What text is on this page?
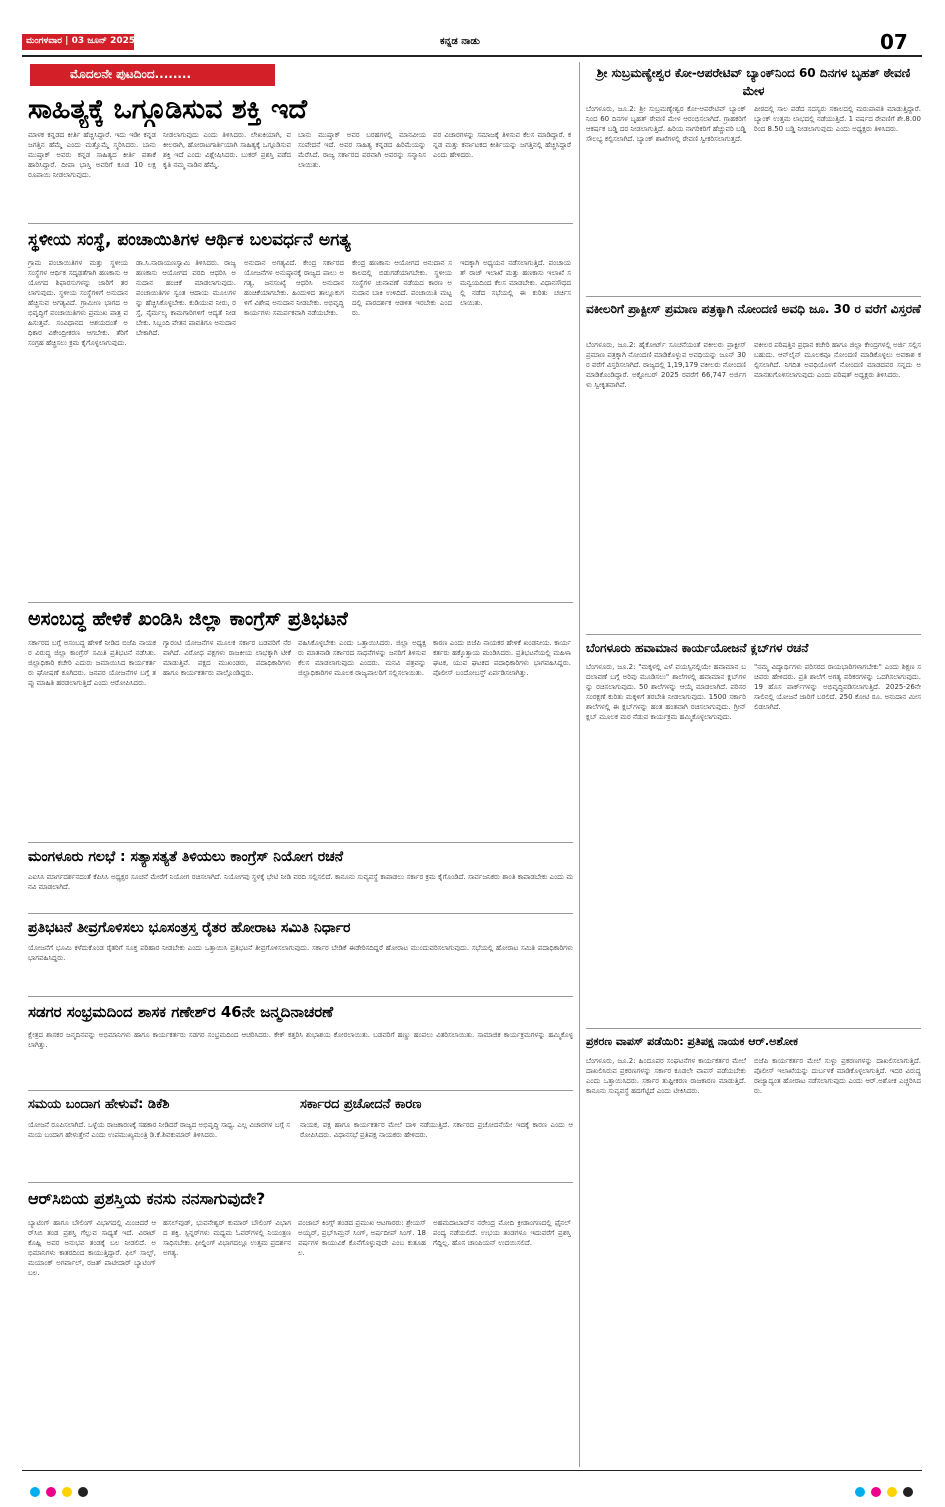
ಮಂಗಳವಾರ | 03 ಜೂನ್ 2025	ಕನ್ನಡ ನಾಡು	07
ಮೊದಲನೇ ಪುಟದಿಂದ........
ಸಾಹಿತ್ಯಕ್ಕೆ ಒಗ್ಗೂಡಿಸುವ ಶಕ್ತಿ ಇದೆ
ಮಾಳಕ ಕನ್ನಡದ ಕೀರ್ತಿ ಹೆಚ್ಚಿಸಿದ್ದಾರೆ. ಇದು ಇಡೀ ಕನ್ನಡ ಜಗತ್ತಿನ ಹೆಮ್ಮೆ ಎಂದು ಮತ್ತೊಮ್ಮೆ ಸ್ಮರಿಸಿದರು. ಬಾನು ಮುಷ್ತಾಕ್ ಅವರು ಕನ್ನಡ ಸಾಹಿತ್ಯದ ಕೀರ್ತಿ ಪತಾಕೆ ಹಾರಿಸಿದ್ದಾರೆ. ದೀಪಾ ಭಾಸ್ತಿ ಅವರಿಗೆ ಕೂಡ 10 ಲಕ್ಷ ರೂಪಾಯಿ ನೀಡಲಾಗುವುದು.
ನೀಡಲಾಗುವುದು ಎಂದು ತಿಳಿಸಿದರು. ಲೇಖಕಿಯಾಗಿ, ವಕೀಲರಾಗಿ, ಹೋರಾಟಗಾರ್ತಿಯಾಗಿ ಸಾಹಿತ್ಯಕ್ಕೆ ಒಗ್ಗೂಡಿಸುವ ಶಕ್ತಿ ಇದೆ ಎಂದು ವಿಶ್ಲೇಷಿಸಿದರು. ಬುಕರ್ ಪ್ರಶಸ್ತಿ ಪಡೆದ ಕೃತಿ ನಮ್ಮ ನಾಡಿನ ಹೆಮ್ಮೆ.
ಬಾನು ಮುಷ್ತಾಕ್ ಅವರ ಬರಹಗಳಲ್ಲಿ ಮಾನವೀಯ ಸಂವೇದನೆ ಇದೆ. ಅವರ ಸಾಹಿತ್ಯ ಕನ್ನಡದ ಹಿರಿಮೆಯನ್ನು ಮೆರೆಸಿದೆ. ರಾಜ್ಯ ಸರ್ಕಾರದ ಪರವಾಗಿ ಅವರನ್ನು ಸನ್ಮಾನಿಸಲಾಯಿತು.
ಪರ ವಿಚಾರಗಳನ್ನು ಸಮಾಜಕ್ಕೆ ತಿಳಿಸುವ ಕೆಲಸ ಮಾಡಿದ್ದಾರೆ. ಕನ್ನಡ ಮತ್ತು ಕರ್ನಾಟಕದ ಕೀರ್ತಿಯನ್ನು ಜಗತ್ತಿನಲ್ಲಿ ಹೆಚ್ಚಿಸಿದ್ದಾರೆ ಎಂದು ಹೇಳಿದರು.
ಸ್ಥಳೀಯ ಸಂಸ್ಥೆ, ಪಂಚಾಯಿತಿಗಳ ಆರ್ಥಿಕ ಬಲವರ್ಧನೆ ಅಗತ್ಯ
ಗ್ರಾಮ ಪಂಚಾಯಿತಿಗಳ ಮತ್ತು ಸ್ಥಳೀಯ ಸಂಸ್ಥೆಗಳ ಆರ್ಥಿಕ ಸದೃಢತೆಗಾಗಿ ಹಣಕಾಸು ಆಯೋಗದ ಶಿಫಾರಸುಗಳನ್ನು ಜಾರಿಗೆ ತರಲಾಗುವುದು. ಸ್ಥಳೀಯ ಸಂಸ್ಥೆಗಳಿಗೆ ಅನುದಾನ ಹೆಚ್ಚಿಸುವ ಅಗತ್ಯವಿದೆ. ಗ್ರಾಮೀಣ ಭಾಗದ ಅಭಿವೃದ್ಧಿಗೆ ಪಂಚಾಯಿತಿಗಳು ಪ್ರಮುಖ ಪಾತ್ರ ವಹಿಸುತ್ತವೆ. ಸಂವಿಧಾನದ ಆಶಯದಂತೆ ಅಧಿಕಾರ ವಿಕೇಂದ್ರೀಕರಣ ಆಗಬೇಕು. ತೆರಿಗೆ ಸಂಗ್ರಹ ಹೆಚ್ಚಿಸಲು ಕ್ರಮ ಕೈಗೊಳ್ಳಲಾಗುವುದು.
ಡಾ.ಸಿ.ನಾರಾಯಣಸ್ವಾಮಿ ತಿಳಿಸಿದರು. ರಾಜ್ಯ ಹಣಕಾಸು ಆಯೋಗದ ವರದಿ ಆಧರಿಸಿ ಅನುದಾನ ಹಂಚಿಕೆ ಮಾಡಲಾಗುವುದು. ಪಂಚಾಯಿತಿಗಳ ಸ್ವಂತ ಆದಾಯ ಮೂಲಗಳನ್ನು ಹೆಚ್ಚಿಸಿಕೊಳ್ಳಬೇಕು. ಕುಡಿಯುವ ನೀರು, ರಸ್ತೆ, ನೈರ್ಮಲ್ಯ ಕಾಮಗಾರಿಗಳಿಗೆ ಆದ್ಯತೆ ನೀಡಬೇಕು. ಸಿಬ್ಬಂದಿ ವೇತನ ಪಾವತಿಗೂ ಅನುದಾನ ಬೇಕಾಗಿದೆ.
ಅನುದಾನ ಅಗತ್ಯವಿದೆ. ಕೇಂದ್ರ ಸರ್ಕಾರದ ಯೋಜನೆಗಳ ಅನುಷ್ಠಾನಕ್ಕೆ ರಾಜ್ಯದ ಪಾಲು ಅಗತ್ಯ. ಜನಸಂಖ್ಯೆ ಆಧರಿಸಿ ಅನುದಾನ ಹಂಚಿಕೆಯಾಗಬೇಕು. ಹಿಂದುಳಿದ ತಾಲ್ಲೂಕುಗಳಿಗೆ ವಿಶೇಷ ಅನುದಾನ ನೀಡಬೇಕು. ಅಭಿವೃದ್ಧಿ ಕಾರ್ಯಗಳು ಸಮರ್ಪಕವಾಗಿ ನಡೆಯಬೇಕು.
ಕೇಂದ್ರ ಹಣಕಾಸು ಆಯೋಗದ ಅನುದಾನ ಸಕಾಲದಲ್ಲಿ ಬಿಡುಗಡೆಯಾಗಬೇಕು. ಸ್ಥಳೀಯ ಸಂಸ್ಥೆಗಳ ಚುನಾವಣೆ ನಡೆಯದ ಕಾರಣ ಅನುದಾನ ಬಾಕಿ ಉಳಿದಿದೆ. ಪಂಚಾಯಿತಿ ಮಟ್ಟದಲ್ಲಿ ಪಾರದರ್ಶಕ ಆಡಳಿತ ಇರಬೇಕು ಎಂದರು.
ಇದಕ್ಕಾಗಿ ಅಧ್ಯಯನ ನಡೆಸಲಾಗುತ್ತಿದೆ. ಪಂಚಾಯತ್ ರಾಜ್ ಇಲಾಖೆ ಮತ್ತು ಹಣಕಾಸು ಇಲಾಖೆ ಸಮನ್ವಯದಿಂದ ಕೆಲಸ ಮಾಡಬೇಕು. ವಿಧಾನಸೌಧದಲ್ಲಿ ನಡೆದ ಸಭೆಯಲ್ಲಿ ಈ ಕುರಿತು ಚರ್ಚಿಸಲಾಯಿತು.
ಅಸಂಬದ್ಧ ಹೇಳಿಕೆ ಖಂಡಿಸಿ ಜಿಲ್ಲಾ ಕಾಂಗ್ರೆಸ್ ಪ್ರತಿಭಟನೆ
ಸರ್ಕಾರದ ಬಗ್ಗೆ ಅಸಂಬದ್ಧ ಹೇಳಿಕೆ ನೀಡಿದ ಬಿಜೆಪಿ ನಾಯಕರ ವಿರುದ್ಧ ಜಿಲ್ಲಾ ಕಾಂಗ್ರೆಸ್ ಸಮಿತಿ ಪ್ರತಿಭಟನೆ ನಡೆಸಿತು. ಜಿಲ್ಲಾಧಿಕಾರಿ ಕಚೇರಿ ಎದುರು ಜಮಾಯಿಸಿದ ಕಾರ್ಯಕರ್ತರು ಘೋಷಣೆ ಕೂಗಿದರು. ಜನಪರ ಯೋಜನೆಗಳ ಬಗ್ಗೆ ತಪ್ಪು ಮಾಹಿತಿ ಹರಡಲಾಗುತ್ತಿದೆ ಎಂದು ಆರೋಪಿಸಿದರು.
ಗ್ಯಾರಂಟಿ ಯೋಜನೆಗಳ ಮೂಲಕ ಸರ್ಕಾರ ಬಡವರಿಗೆ ನೆರವಾಗಿದೆ. ವಿರೋಧ ಪಕ್ಷಗಳು ರಾಜಕೀಯ ಲಾಭಕ್ಕಾಗಿ ಟೀಕೆ ಮಾಡುತ್ತಿವೆ. ಪಕ್ಷದ ಮುಖಂಡರು, ಪದಾಧಿಕಾರಿಗಳು ಹಾಗೂ ಕಾರ್ಯಕರ್ತರು ಪಾಲ್ಗೊಂಡಿದ್ದರು.
ವಹಿಸಿಕೊಳ್ಳಬೇಕು ಎಂದು ಒತ್ತಾಯಿಸಿದರು. ಜಿಲ್ಲಾ ಅಧ್ಯಕ್ಷರು ಮಾತನಾಡಿ ಸರ್ಕಾರದ ಸಾಧನೆಗಳನ್ನು ಜನರಿಗೆ ತಿಳಿಸುವ ಕೆಲಸ ಮಾಡಲಾಗುವುದು ಎಂದರು. ಮನವಿ ಪತ್ರವನ್ನು ಜಿಲ್ಲಾಧಿಕಾರಿಗಳ ಮೂಲಕ ರಾಜ್ಯಪಾಲರಿಗೆ ಸಲ್ಲಿಸಲಾಯಿತು.
ಕಾರಣ ಎಂದು ಬಿಜೆಪಿ ನಾಯಕರ ಹೇಳಿಕೆ ಖಂಡನೀಯ. ಕಾರ್ಯಕರ್ತರು ಹಕ್ಕೊತ್ತಾಯ ಮಂಡಿಸಿದರು. ಪ್ರತಿಭಟನೆಯಲ್ಲಿ ಮಹಿಳಾ ಘಟಕ, ಯುವ ಘಟಕದ ಪದಾಧಿಕಾರಿಗಳು ಭಾಗವಹಿಸಿದ್ದರು. ಪೊಲೀಸ್ ಬಂದೋಬಸ್ತ್ ಏರ್ಪಡಿಸಲಾಗಿತ್ತು.
ಮಂಗಳೂರು ಗಲಭೆ : ಸತ್ಯಾಸತ್ಯತೆ ತಿಳಿಯಲು ಕಾಂಗ್ರೆಸ್ ನಿಯೋಗ ರಚನೆ
ಎಐಸಿಸಿ ಮಾರ್ಗದರ್ಶನದಂತೆ ಕೆಪಿಸಿಸಿ ಅಧ್ಯಕ್ಷರ ಸೂಚನೆ ಮೇರೆಗೆ ನಿಯೋಗ ರಚಿಸಲಾಗಿದೆ. ನಿಯೋಗವು ಸ್ಥಳಕ್ಕೆ ಭೇಟಿ ನೀಡಿ ವರದಿ ಸಲ್ಲಿಸಲಿದೆ. ಕಾನೂನು ಸುವ್ಯವಸ್ಥೆ ಕಾಪಾಡಲು ಸರ್ಕಾರ ಕ್ರಮ ಕೈಗೊಂಡಿದೆ. ಸಾರ್ವಜನಿಕರು ಶಾಂತಿ ಕಾಪಾಡಬೇಕು ಎಂದು ಮನವಿ ಮಾಡಲಾಗಿದೆ.
ಪ್ರತಿಭಟನೆ ತೀವ್ರಗೊಳಿಸಲು ಭೂಸಂತ್ರಸ್ತ ರೈತರ ಹೋರಾಟ ಸಮಿತಿ ನಿರ್ಧಾರ
ಯೋಜನೆಗೆ ಭೂಮಿ ಕಳೆದುಕೊಂಡ ರೈತರಿಗೆ ಸೂಕ್ತ ಪರಿಹಾರ ನೀಡಬೇಕು ಎಂದು ಒತ್ತಾಯಿಸಿ ಪ್ರತಿಭಟನೆ ತೀವ್ರಗೊಳಿಸಲಾಗುವುದು. ಸರ್ಕಾರ ಬೇಡಿಕೆ ಈಡೇರಿಸದಿದ್ದರೆ ಹೋರಾಟ ಮುಂದುವರಿಸಲಾಗುವುದು. ಸಭೆಯಲ್ಲಿ ಹೋರಾಟ ಸಮಿತಿ ಪದಾಧಿಕಾರಿಗಳು ಭಾಗವಹಿಸಿದ್ದರು.
ಸಡಗರ ಸಂಭ್ರಮದಿಂದ ಶಾಸಕ ಗಣೇಶ್‌ರ 46ನೇ ಜನ್ಮದಿನಾಚರಣೆ
ಕ್ಷೇತ್ರದ ಶಾಸಕರ ಜನ್ಮದಿನವನ್ನು ಅಭಿಮಾನಿಗಳು ಹಾಗೂ ಕಾರ್ಯಕರ್ತರು ಸಡಗರ ಸಂಭ್ರಮದಿಂದ ಆಚರಿಸಿದರು. ಕೇಕ್ ಕತ್ತರಿಸಿ ಶುಭಾಶಯ ಕೋರಲಾಯಿತು. ಬಡವರಿಗೆ ಹಣ್ಣು ಹಂಪಲು ವಿತರಿಸಲಾಯಿತು. ಸಾಮಾಜಿಕ ಕಾರ್ಯಕ್ರಮಗಳನ್ನು ಹಮ್ಮಿಕೊಳ್ಳಲಾಗಿತ್ತು.
ಸಮಯ ಬಂದಾಗ ಹೇಳುವೆ: ಡಿಕೆಶಿ	ಸರ್ಕಾರದ ಪ್ರಚೋದನೆ ಕಾರಣ
ಯೋಜನೆ ರೂಪಿಸಲಾಗಿದೆ. ಒಳ್ಳೆಯ ರಾಜಕಾರಣಕ್ಕೆ ಸಹಕಾರ ನೀಡಿದರೆ ರಾಜ್ಯದ ಅಭಿವೃದ್ಧಿ ಸಾಧ್ಯ. ಎಲ್ಲ ವಿಚಾರಗಳ ಬಗ್ಗೆ ಸಮಯ ಬಂದಾಗ ಹೇಳುತ್ತೇನೆ ಎಂದು ಉಪಮುಖ್ಯಮಂತ್ರಿ ಡಿ.ಕೆ.ಶಿವಕುಮಾರ್ ತಿಳಿಸಿದರು.
ನಾಯಕ, ಪಕ್ಷ ಹಾಗೂ ಕಾರ್ಯಕರ್ತರ ಮೇಲೆ ದಾಳಿ ನಡೆಯುತ್ತಿದೆ. ಸರ್ಕಾರದ ಪ್ರಚೋದನೆಯೇ ಇದಕ್ಕೆ ಕಾರಣ ಎಂದು ಆರೋಪಿಸಿದರು. ವಿಧಾನಸಭೆ ಪ್ರತಿಪಕ್ಷ ನಾಯಕರು ಹೇಳಿದರು.
ಆರ್‌ಸಿಬಿಯ ಪ್ರಶಸ್ತಿಯ ಕನಸು ನನಸಾಗುವುದೇ?
ಬ್ಯಾಟಿಂಗ್ ಹಾಗೂ ಬೌಲಿಂಗ್ ವಿಭಾಗದಲ್ಲಿ ಮಿಂಚಿದರೆ ಆರ್‌ಸಿಬಿ ತಂಡ ಪ್ರಶಸ್ತಿ ಗೆಲ್ಲುವ ಸಾಧ್ಯತೆ ಇದೆ. ವಿರಾಟ್ ಕೊಹ್ಲಿ ಅವರ ಅನುಭವ ತಂಡಕ್ಕೆ ಬಲ ನೀಡಲಿದೆ. ಅಭಿಮಾನಿಗಳು ಕಾತರದಿಂದ ಕಾಯುತ್ತಿದ್ದಾರೆ. ಫಿಲ್ ಸಾಲ್ಟ್, ಮಯಾಂಕ್ ಅಗರ್ವಾಲ್, ರಜತ್ ಪಾಟೀದಾರ್ ಬ್ಯಾಟಿಂಗ್ ಬಲ.
ಹಸಲ್‌ವುಡ್, ಭುವನೇಶ್ವರ್ ಕುಮಾರ್ ಬೌಲಿಂಗ್ ವಿಭಾಗದ ಶಕ್ತಿ. ಸ್ಪಿನ್ನರ್‌ಗಳು ಮಧ್ಯಮ ಓವರ್‌ಗಳಲ್ಲಿ ನಿಯಂತ್ರಣ ಸಾಧಿಸಬೇಕು. ಫೀಲ್ಡಿಂಗ್ ವಿಭಾಗದಲ್ಲೂ ಉತ್ತಮ ಪ್ರದರ್ಶನ ಅಗತ್ಯ.
ಪಂಜಾಬ್ ಕಿಂಗ್ಸ್ ತಂಡದ ಪ್ರಮುಖ ಆಟಗಾರರು: ಶ್ರೇಯಸ್ ಅಯ್ಯರ್, ಪ್ರಭ್‌ಸಿಮ್ರನ್ ಸಿಂಗ್, ಅರ್ಷದೀಪ್ ಸಿಂಗ್. 18 ವರ್ಷಗಳ ಕಾಯುವಿಕೆ ಕೊನೆಗೊಳ್ಳುವುದೇ ಎಂಬ ಕುತೂಹಲ.
ಅಹಮದಾಬಾದ್‌ನ ನರೇಂದ್ರ ಮೋದಿ ಕ್ರೀಡಾಂಗಣದಲ್ಲಿ ಫೈನಲ್ ಪಂದ್ಯ ನಡೆಯಲಿದೆ. ಉಭಯ ತಂಡಗಳೂ ಇದುವರೆಗೆ ಪ್ರಶಸ್ತಿ ಗೆದ್ದಿಲ್ಲ. ಹೊಸ ಚಾಂಪಿಯನ್ ಉದಯಿಸಲಿದೆ.
ಶ್ರೀ ಸುಬ್ರಮಣ್ಯೇಶ್ವರ ಕೋ-ಆಪರೇಟಿವ್ ಬ್ಯಾಂಕ್‌ನಿಂದ 60 ದಿನಗಳ ಬೃಹತ್ ಠೇವಣಿ ಮೇಳ
ಬೆಂಗಳೂರು, ಜೂ.2: ಶ್ರೀ ಸುಬ್ರಮಣ್ಯೇಶ್ವರ ಕೋ-ಆಪರೇಟಿವ್ ಬ್ಯಾಂಕ್ ನಿಂದ 60 ದಿನಗಳ ಬೃಹತ್ ಠೇವಣಿ ಮೇಳ ಆರಂಭಿಸಲಾಗಿದೆ. ಗ್ರಾಹಕರಿಗೆ ಆಕರ್ಷಕ ಬಡ್ಡಿ ದರ ನೀಡಲಾಗುತ್ತಿದೆ. ಹಿರಿಯ ನಾಗರಿಕರಿಗೆ ಹೆಚ್ಚುವರಿ ಬಡ್ಡಿ ಸೌಲಭ್ಯ ಕಲ್ಪಿಸಲಾಗಿದೆ. ಬ್ಯಾಂಕ್ ಶಾಖೆಗಳಲ್ಲಿ ಠೇವಣಿ ಸ್ವೀಕರಿಸಲಾಗುತ್ತದೆ.
ಪೀಠದಲ್ಲಿ ಸಾಲ ಪಡೆದ ಸದಸ್ಯರು ಸಕಾಲದಲ್ಲಿ ಮರುಪಾವತಿ ಮಾಡುತ್ತಿದ್ದಾರೆ. ಬ್ಯಾಂಕ್ ಉತ್ತಮ ಲಾಭದಲ್ಲಿ ನಡೆಯುತ್ತಿದೆ. 1 ವರ್ಷದ ಠೇವಣಿಗೆ ಶೇ.8.00 ರಿಂದ 8.50 ಬಡ್ಡಿ ನೀಡಲಾಗುವುದು ಎಂದು ಅಧ್ಯಕ್ಷರು ತಿಳಿಸಿದರು.
ವಕೀಲರಿಗೆ ಪ್ರಾಕ್ಟೀಸ್ ಪ್ರಮಾಣ ಪತ್ರಕ್ಕಾಗಿ ನೋಂದಣಿ ಅವಧಿ ಜೂ. 30 ರ ವರೆಗೆ ವಿಸ್ತರಣೆ
ಬೆಂಗಳೂರು, ಜೂ.2: ಹೈಕೋರ್ಟ್ ಸೂಚನೆಯಂತೆ ವಕೀಲರು ಪ್ರಾಕ್ಟೀಸ್ ಪ್ರಮಾಣ ಪತ್ರಕ್ಕಾಗಿ ನೋಂದಣಿ ಮಾಡಿಕೊಳ್ಳುವ ಅವಧಿಯನ್ನು ಜೂನ್ 30ರ ವರೆಗೆ ವಿಸ್ತರಿಸಲಾಗಿದೆ. ರಾಜ್ಯದಲ್ಲಿ 1,19,179 ವಕೀಲರು ನೋಂದಣಿ ಮಾಡಿಕೊಂಡಿದ್ದಾರೆ. ಅಕ್ಟೋಬರ್ 2025 ರವರೆಗೆ 66,747 ಅರ್ಜಿಗಳು ಸ್ವೀಕೃತವಾಗಿವೆ.
ವಕೀಲರ ಪರಿಷತ್ತಿನ ಪ್ರಧಾನ ಕಚೇರಿ ಹಾಗೂ ಜಿಲ್ಲಾ ಕೇಂದ್ರಗಳಲ್ಲಿ ಅರ್ಜಿ ಸಲ್ಲಿಸಬಹುದು. ಆನ್‌ಲೈನ್ ಮೂಲಕವೂ ನೋಂದಣಿ ಮಾಡಿಕೊಳ್ಳಲು ಅವಕಾಶ ಕಲ್ಪಿಸಲಾಗಿದೆ. ನಿಗದಿತ ಅವಧಿಯೊಳಗೆ ನೋಂದಣಿ ಮಾಡದವರ ಸನ್ನದು ಅಮಾನತುಗೊಳಿಸಲಾಗುವುದು ಎಂದು ಪರಿಷತ್ ಅಧ್ಯಕ್ಷರು ತಿಳಿಸಿದರು.
ಬೆಂಗಳೂರು ಹವಾಮಾನ ಕಾರ್ಯಯೋಜನೆ ಕ್ಲಬ್‌ಗಳ ರಚನೆ
ಬೆಂಗಳೂರು, ಜೂ.2: "ಮಕ್ಕಳಲ್ಲಿ ಎಳೆ ವಯಸ್ಸಿನಲ್ಲಿಯೇ ಹವಾಮಾನ ಬದಲಾವಣೆ ಬಗ್ಗೆ ಅರಿವು ಮೂಡಿಸಲು" ಶಾಲೆಗಳಲ್ಲಿ ಹವಾಮಾನ ಕ್ಲಬ್‌ಗಳನ್ನು ರಚಿಸಲಾಗುವುದು. 50 ಶಾಲೆಗಳನ್ನು ಆಯ್ಕೆ ಮಾಡಲಾಗಿದೆ. ಪರಿಸರ ಸಂರಕ್ಷಣೆ ಕುರಿತು ಮಕ್ಕಳಿಗೆ ತರಬೇತಿ ನೀಡಲಾಗುವುದು. 1500 ಸರ್ಕಾರಿ ಶಾಲೆಗಳಲ್ಲಿ ಈ ಕ್ಲಬ್‌ಗಳನ್ನು ಹಂತ ಹಂತವಾಗಿ ರಚಿಸಲಾಗುವುದು. ಗ್ರೀನ್ ಕ್ಲಬ್ ಮೂಲಕ ಮರ ನೆಡುವ ಕಾರ್ಯಕ್ರಮ ಹಮ್ಮಿಕೊಳ್ಳಲಾಗುವುದು.
"ನಮ್ಮ ವಿದ್ಯಾರ್ಥಿಗಳು ಪರಿಸರದ ರಾಯಭಾರಿಗಳಾಗಬೇಕು" ಎಂದು ಶಿಕ್ಷಣ ಸಚಿವರು ಹೇಳಿದರು. ಪ್ರತಿ ಶಾಲೆಗೆ ಅಗತ್ಯ ಪರಿಕರಗಳನ್ನು ಒದಗಿಸಲಾಗುವುದು. 19 ಹೊಸ ಪಾರ್ಕ್‌ಗಳನ್ನು ಅಭಿವೃದ್ಧಿಪಡಿಸಲಾಗುತ್ತಿದೆ. 2025-26ನೇ ಸಾಲಿನಲ್ಲಿ ಯೋಜನೆ ಜಾರಿಗೆ ಬರಲಿದೆ. 250 ಕೋಟಿ ರೂ. ಅನುದಾನ ಮೀಸಲಿಡಲಾಗಿದೆ.
ಪ್ರಕರಣ ವಾಪಸ್ ಪಡೆಯಿರಿ: ಪ್ರತಿಪಕ್ಷ ನಾಯಕ ಆರ್.ಅಶೋಕ
ಬೆಂಗಳೂರು, ಜೂ.2: ಹಿಂದೂಪರ ಸಂಘಟನೆಗಳ ಕಾರ್ಯಕರ್ತರ ಮೇಲೆ ದಾಖಲಿಸಿರುವ ಪ್ರಕರಣಗಳನ್ನು ಸರ್ಕಾರ ಕೂಡಲೇ ವಾಪಸ್ ಪಡೆಯಬೇಕು ಎಂದು ಒತ್ತಾಯಿಸಿದರು. ಸರ್ಕಾರ ತುಷ್ಟೀಕರಣ ರಾಜಕಾರಣ ಮಾಡುತ್ತಿದೆ. ಕಾನೂನು ಸುವ್ಯವಸ್ಥೆ ಹದಗೆಟ್ಟಿದೆ ಎಂದು ಟೀಕಿಸಿದರು.
ಬಿಜೆಪಿ ಕಾರ್ಯಕರ್ತರ ಮೇಲೆ ಸುಳ್ಳು ಪ್ರಕರಣಗಳನ್ನು ದಾಖಲಿಸಲಾಗುತ್ತಿದೆ. ಪೊಲೀಸ್ ಇಲಾಖೆಯನ್ನು ದುರ್ಬಳಕೆ ಮಾಡಿಕೊಳ್ಳಲಾಗುತ್ತಿದೆ. ಇದರ ವಿರುದ್ಧ ರಾಜ್ಯಾದ್ಯಂತ ಹೋರಾಟ ನಡೆಸಲಾಗುವುದು ಎಂದು ಆರ್.ಅಶೋಕ ಎಚ್ಚರಿಸಿದರು.
